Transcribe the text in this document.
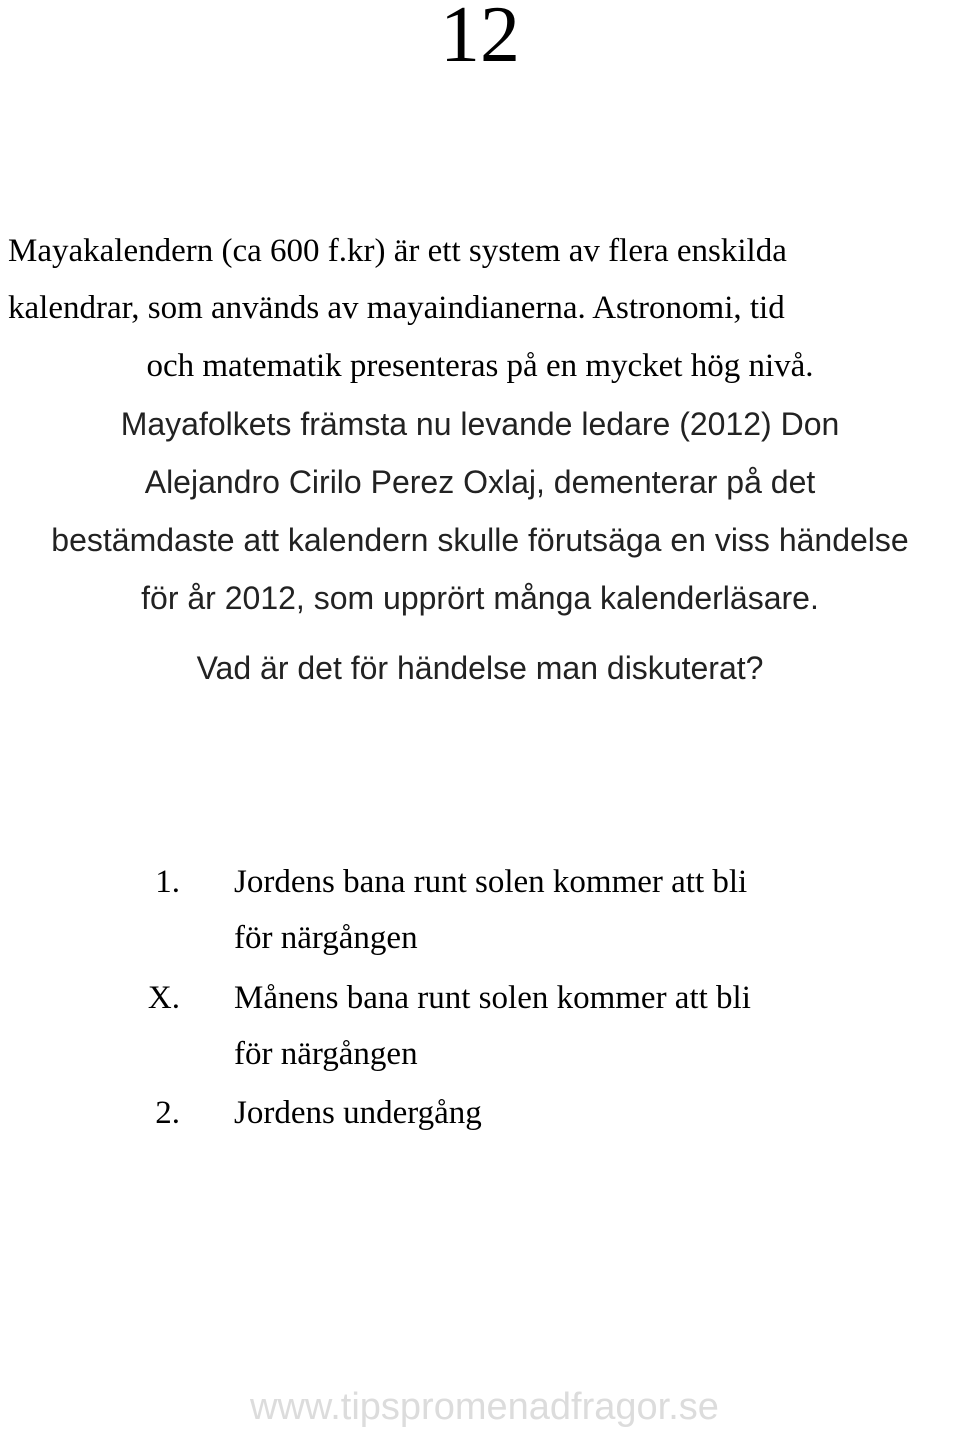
12
Mayakalendern (ca 600 f.kr) är ett system av flera enskilda
kalendrar, som används av mayaindianerna. Astronomi, tid
och matematik presenteras på en mycket hög nivå.
Mayafolkets främsta nu levande ledare (2012) Don
Alejandro Cirilo Perez Oxlaj, dementerar på det
bestämdaste att kalendern skulle förutsäga en viss händelse
för år 2012, som upprört många kalenderläsare.
Vad är det för händelse man diskuterat?
1. Jordens bana runt solen kommer att bli
för närgången
X. Månens bana runt solen kommer att bli
för närgången
2. Jordens undergång
www.tipspromenadfragor.se
